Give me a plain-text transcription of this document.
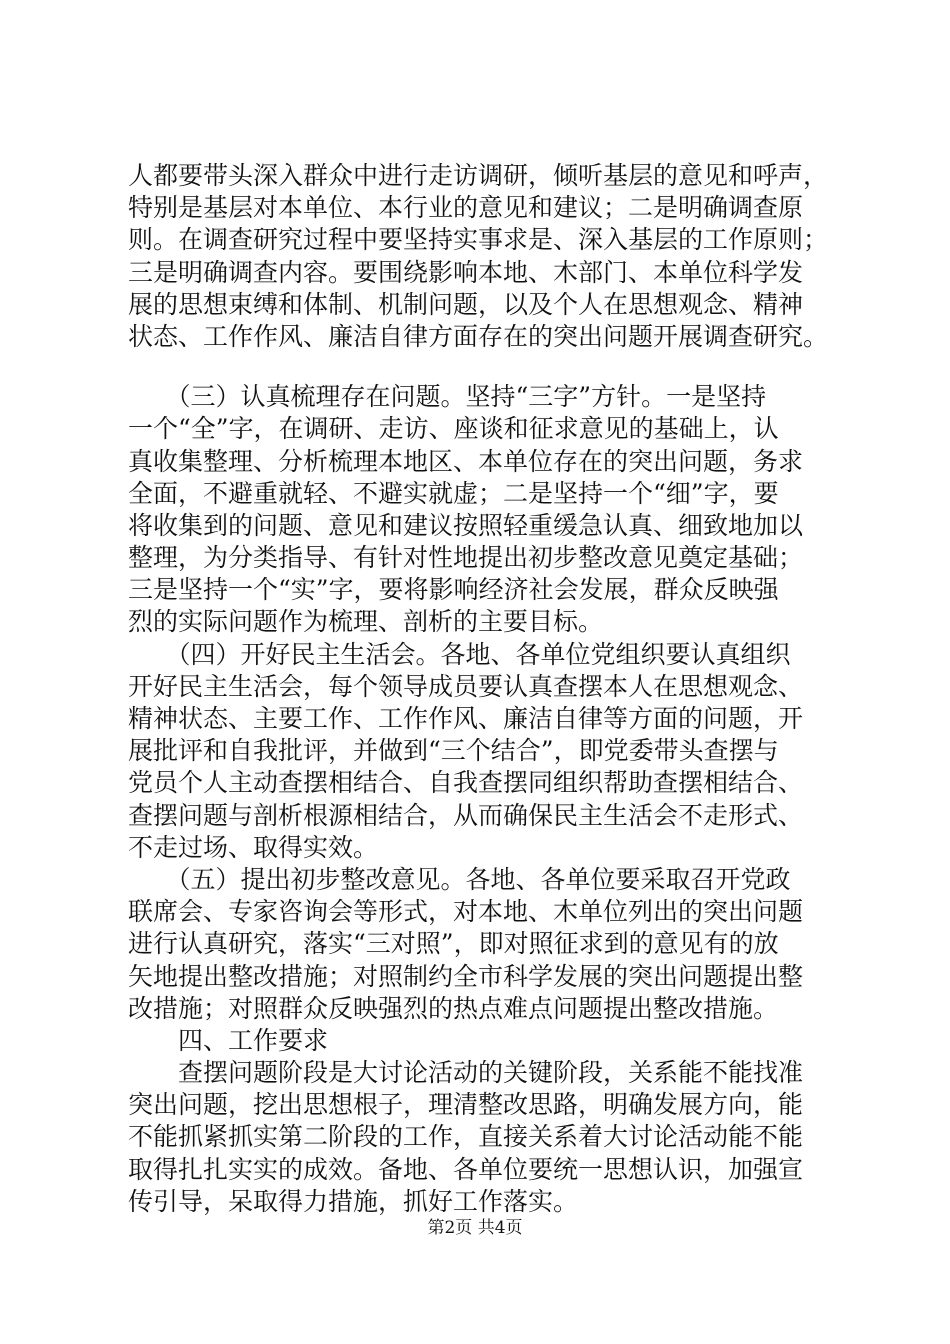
人都要带头深入群众中进行走访调研，倾听基层的意见和呼声，
特别是基层对本单位、本行业的意见和建议；二是明确调查原
则。在调查研究过程中要坚持实事求是、深入基层的工作原则；
三是明确调查内容。要围绕影响本地、木部门、本单位科学发
展的思想束缚和体制、机制问题，以及个人在思想观念、精神
状态、工作作风、廉洁自律方面存在的突出问题开展调查研究。
　　（三）认真梳理存在问题。坚持“三字”方针。一是坚持
一个“全”字，在调研、走访、座谈和征求意见的基础上，认
真收集整理、分析梳理本地区、本单位存在的突出问题，务求
全面，不避重就轻、不避实就虚；二是坚持一个“细”字，要
将收集到的问题、意见和建议按照轻重缓急认真、细致地加以
整理，为分类指导、有针对性地提出初步整改意见奠定基础；
三是坚持一个“实”字，要将影响经济社会发展，群众反映强
烈的实际问题作为梳理、剖析的主要目标。
　　（四）开好民主生活会。各地、各单位党组织要认真组织
开好民主生活会，每个领导成员要认真查摆本人在思想观念、
精神状态、主要工作、工作作风、廉洁自律等方面的问题，开
展批评和自我批评，并做到“三个结合”，即党委带头查摆与
党员个人主动查摆相结合、自我查摆同组织帮助查摆相结合、
查摆问题与剖析根源相结合，从而确保民主生活会不走形式、
不走过场、取得实效。
　　（五）提出初步整改意见。各地、各单位要采取召开党政
联席会、专家咨询会等形式，对本地、木单位列出的突出问题
进行认真研究，落实“三对照”，即对照征求到的意见有的放
矢地提出整改措施；对照制约全市科学发展的突出问题提出整
改措施；对照群众反映强烈的热点难点问题提出整改措施。
　　四、工作要求
　　查摆问题阶段是大讨论活动的关键阶段，关系能不能找准
突出问题，挖出思想根子，理清整改思路，明确发展方向，能
不能抓紧抓实第二阶段的工作，直接关系着大讨论活动能不能
取得扎扎实实的成效。备地、各单位要统一思想认识，加强宣
传引导，呆取得力措施，抓好工作落实。
第2页 共4页
